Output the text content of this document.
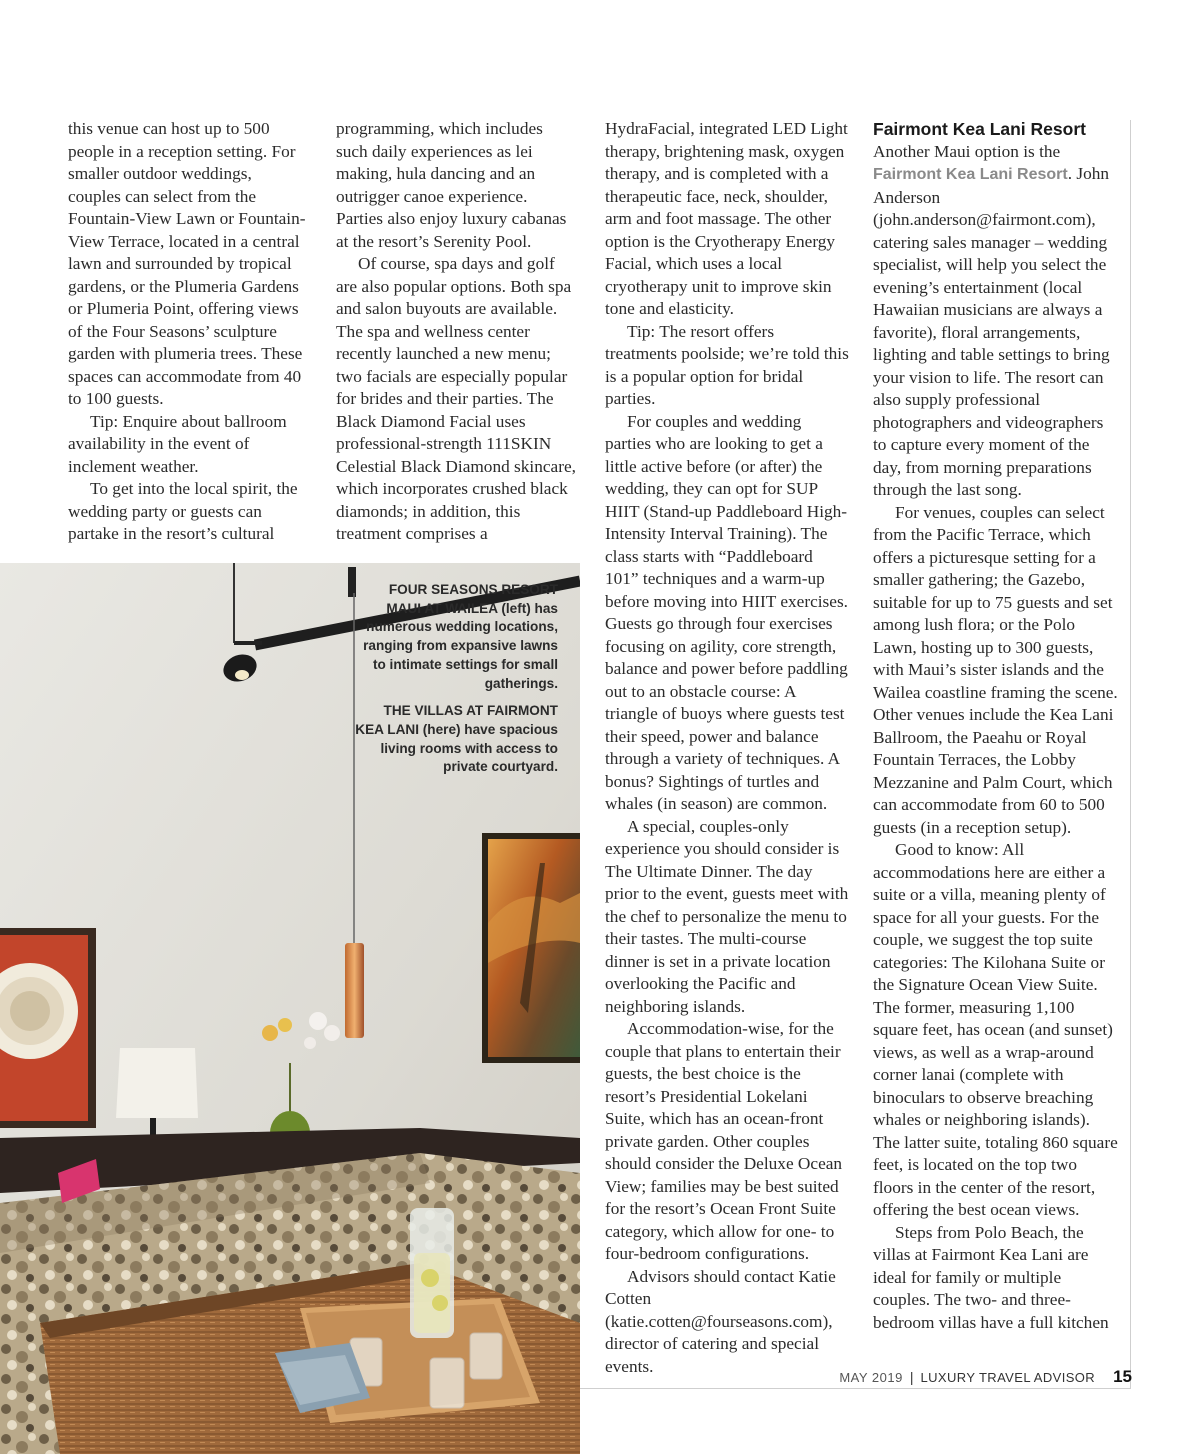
this venue can host up to 500 people in a reception setting. For smaller outdoor weddings, couples can select from the Fountain-View Lawn or Fountain-View Terrace, located in a central lawn and surrounded by tropical gardens, or the Plumeria Gardens or Plumeria Point, offering views of the Four Seasons’ sculpture garden with plumeria trees. These spaces can accommodate from 40 to 100 guests.

Tip: Enquire about ballroom availability in the event of inclement weather.

To get into the local spirit, the wedding party or guests can partake in the resort’s cultural

programming, which includes such daily experiences as lei making, hula dancing and an outrigger canoe experience. Parties also enjoy luxury cabanas at the resort’s Serenity Pool.

Of course, spa days and golf are also popular options. Both spa and salon buyouts are available. The spa and wellness center recently launched a new menu; two facials are especially popular for brides and their parties. The Black Diamond Facial uses professional-strength 111SKIN Celestial Black Diamond skincare, which incorporates crushed black diamonds; in addition, this treatment comprises a

HydraFacial, integrated LED Light therapy, brightening mask, oxygen therapy, and is completed with a therapeutic face, neck, shoulder, arm and foot massage. The other option is the Cryotherapy Energy Facial, which uses a local cryotherapy unit to improve skin tone and elasticity.

Tip: The resort offers treatments poolside; we’re told this is a popular option for bridal parties.

For couples and wedding parties who are looking to get a little active before (or after) the wedding, they can opt for SUP HIIT (Stand-up Paddleboard High-Intensity Interval Training). The class starts with “Paddleboard 101” techniques and a warm-up before moving into HIIT exercises. Guests go through four exercises focusing on agility, core strength, balance and power before paddling out to an obstacle course: A triangle of buoys where guests test their speed, power and balance through a variety of techniques. A bonus? Sightings of turtles and whales (in season) are common.

A special, couples-only experience you should consider is The Ultimate Dinner. The day prior to the event, guests meet with the chef to personalize the menu to their tastes. The multi-course dinner is set in a private location overlooking the Pacific and neighboring islands.

Accommodation-wise, for the couple that plans to entertain their guests, the best choice is the resort’s Presidential Lokelani Suite, which has an ocean-front private garden. Other couples should consider the Deluxe Ocean View; families may be best suited for the resort’s Ocean Front Suite category, which allow for one- to four-bedroom configurations.

Advisors should contact Katie Cotten (katie.cotten@fourseasons.com), director of catering and special events.

Fairmont Kea Lani Resort

Another Maui option is the Fairmont Kea Lani Resort. John Anderson (john.anderson@fairmont.com), catering sales manager – wedding specialist, will help you select the evening’s entertainment (local Hawaiian musicians are always a favorite), floral arrangements, lighting and table settings to bring your vision to life. The resort can also supply professional photographers and videographers to capture every moment of the day, from morning preparations through the last song.

For venues, couples can select from the Pacific Terrace, which offers a picturesque setting for a smaller gathering; the Gazebo, suitable for up to 75 guests and set among lush flora; or the Polo Lawn, hosting up to 300 guests, with Maui’s sister islands and the Wailea coastline framing the scene. Other venues include the Kea Lani Ballroom, the Paeahu or Royal Fountain Terraces, the Lobby Mezzanine and Palm Court, which can accommodate from 60 to 500 guests (in a reception setup).

Good to know: All accommodations here are either a suite or a villa, meaning plenty of space for all your guests. For the couple, we suggest the top suite categories: The Kilohana Suite or the Signature Ocean View Suite. The former, measuring 1,100 square feet, has ocean (and sunset) views, as well as a wrap-around corner lanai (complete with binoculars to observe breaching whales or neighboring islands). The latter suite, totaling 860 square feet, is located on the top two floors in the center of the resort, offering the best ocean views.

Steps from Polo Beach, the villas at Fairmont Kea Lani are ideal for family or multiple couples. The two- and three-bedroom villas have a full kitchen

FOUR SEASONS RESORT MAUI AT WAILEA (left) has numerous wedding locations, ranging from expansive lawns to intimate settings for small gatherings.

THE VILLAS AT FAIRMONT KEA LANI (here) have spacious living rooms with access to private courtyard.

MAY 2019 | LUXURY TRAVEL ADVISOR 15
